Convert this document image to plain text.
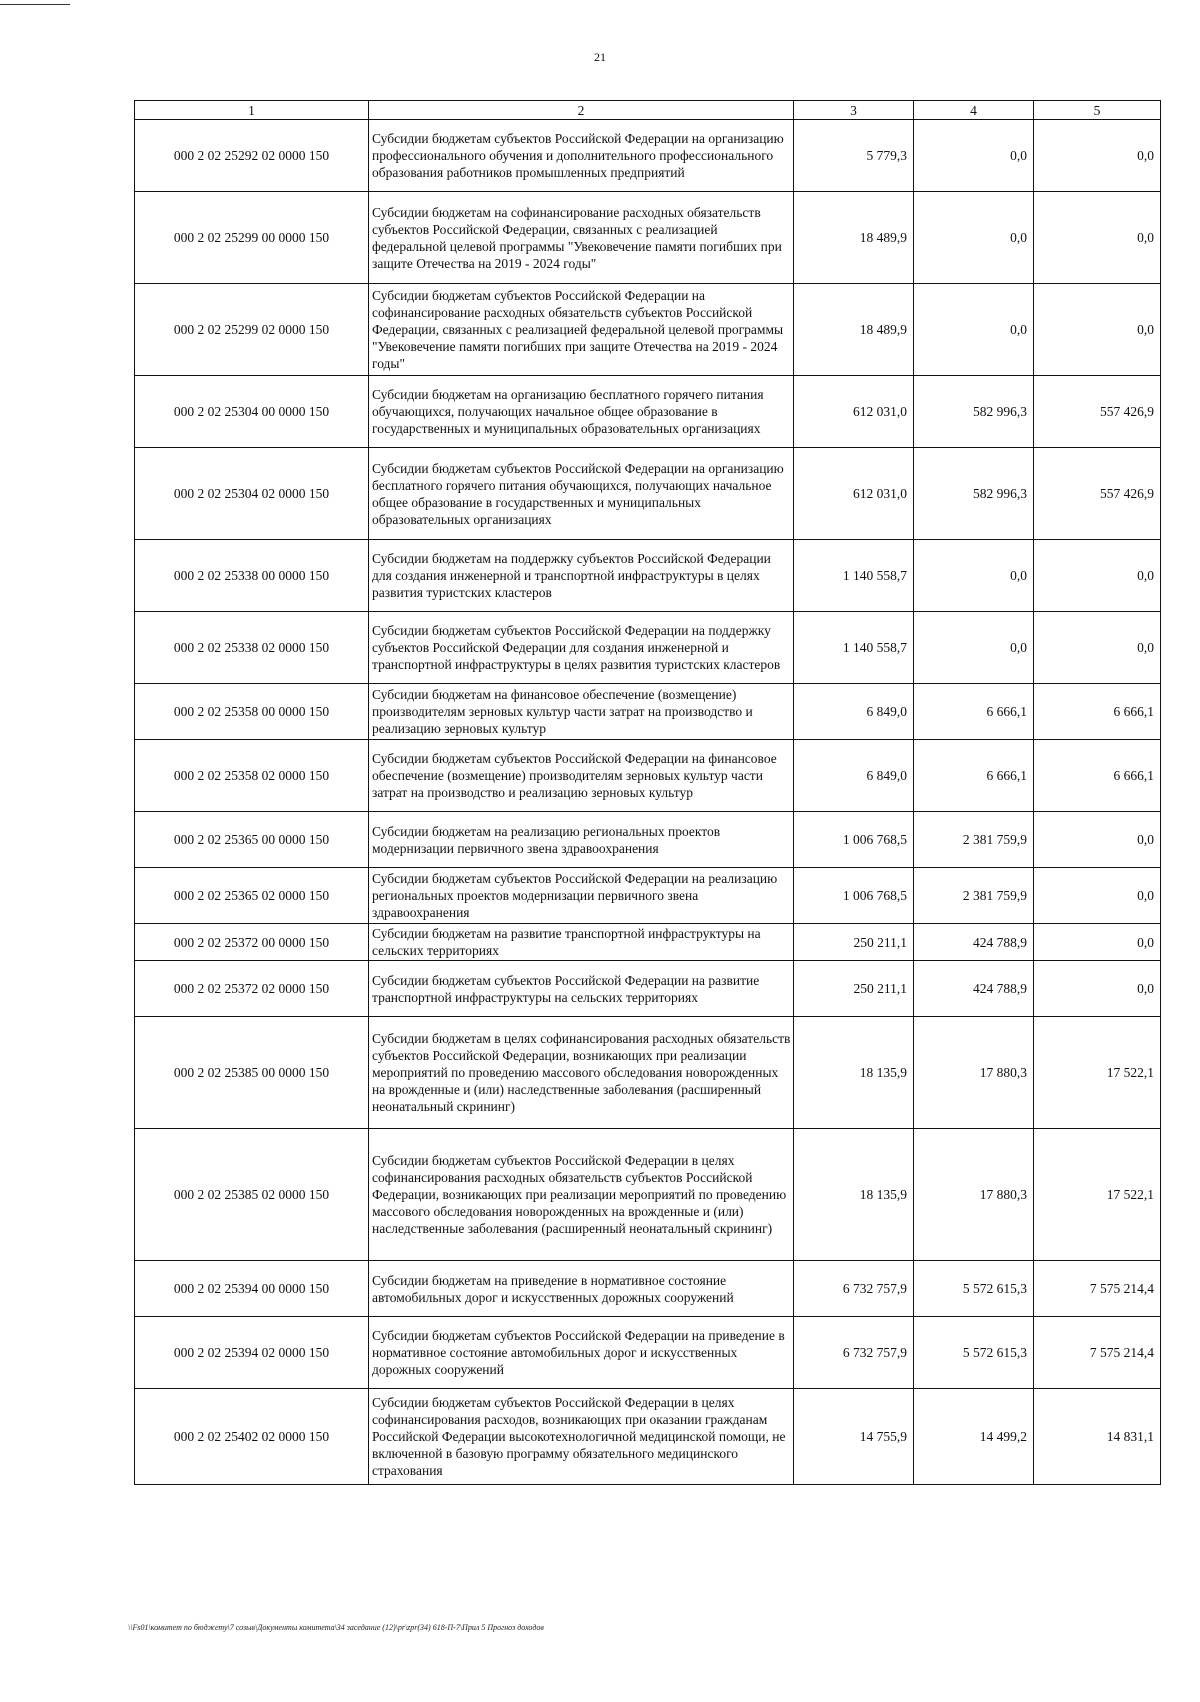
21
1	2	3	4	5
000 2 02 25292 02 0000 150	Субсидии бюджетам субъектов Российской Федерации на организацию профессионального обучения и дополнительного профессионального образования работников промышленных предприятий	5 779,3	0,0	0,0
000 2 02 25299 00 0000 150	Субсидии бюджетам на софинансирование расходных обязательств субъектов Российской Федерации, связанных с реализацией федеральной целевой программы "Увековечение памяти погибших при защите Отечества на 2019 - 2024 годы"	18 489,9	0,0	0,0
000 2 02 25299 02 0000 150	Субсидии бюджетам субъектов Российской Федерации на софинансирование расходных обязательств субъектов Российской Федерации, связанных с реализацией федеральной целевой программы "Увековечение памяти погибших при защите Отечества на 2019 - 2024 годы"	18 489,9	0,0	0,0
000 2 02 25304 00 0000 150	Субсидии бюджетам на организацию бесплатного горячего питания обучающихся, получающих начальное общее образование в государственных и муниципальных образовательных организациях	612 031,0	582 996,3	557 426,9
000 2 02 25304 02 0000 150	Субсидии бюджетам субъектов Российской Федерации на организацию бесплатного горячего питания обучающихся, получающих начальное общее образование в государственных и муниципальных образовательных организациях	612 031,0	582 996,3	557 426,9
000 2 02 25338 00 0000 150	Субсидии бюджетам на поддержку субъектов Российской Федерации для создания инженерной и транспортной инфраструктуры в целях развития туристских кластеров	1 140 558,7	0,0	0,0
000 2 02 25338 02 0000 150	Субсидии бюджетам субъектов Российской Федерации на поддержку субъектов Российской Федерации для создания инженерной и транспортной инфраструктуры в целях развития туристских кластеров	1 140 558,7	0,0	0,0
000 2 02 25358 00 0000 150	Субсидии бюджетам на финансовое обеспечение (возмещение) производителям зерновых культур части затрат на производство и реализацию зерновых культур	6 849,0	6 666,1	6 666,1
000 2 02 25358 02 0000 150	Субсидии бюджетам субъектов Российской Федерации на финансовое обеспечение (возмещение) производителям зерновых культур части затрат на производство и реализацию зерновых культур	6 849,0	6 666,1	6 666,1
000 2 02 25365 00 0000 150	Субсидии бюджетам на реализацию региональных проектов модернизации первичного звена здравоохранения	1 006 768,5	2 381 759,9	0,0
000 2 02 25365 02 0000 150	Субсидии бюджетам субъектов Российской Федерации на реализацию региональных проектов модернизации первичного звена здравоохранения	1 006 768,5	2 381 759,9	0,0
000 2 02 25372 00 0000 150	Субсидии бюджетам на развитие транспортной инфраструктуры на сельских территориях	250 211,1	424 788,9	0,0
000 2 02 25372 02 0000 150	Субсидии бюджетам субъектов Российской Федерации на развитие транспортной инфраструктуры на сельских территориях	250 211,1	424 788,9	0,0
000 2 02 25385 00 0000 150	Субсидии бюджетам в целях софинансирования расходных обязательств субъектов Российской Федерации, возникающих при реализации мероприятий по проведению массового обследования новорожденных на врожденные и (или) наследственные заболевания (расширенный неонатальный скрининг)	18 135,9	17 880,3	17 522,1
000 2 02 25385 02 0000 150	Субсидии бюджетам субъектов Российской Федерации в целях софинансирования расходных обязательств субъектов Российской Федерации, возникающих при реализации мероприятий по проведению массового обследования новорожденных на врожденные и (или) наследственные заболевания (расширенный неонатальный скрининг)	18 135,9	17 880,3	17 522,1
000 2 02 25394 00 0000 150	Субсидии бюджетам на приведение в нормативное состояние автомобильных дорог и искусственных дорожных сооружений	6 732 757,9	5 572 615,3	7 575 214,4
000 2 02 25394 02 0000 150	Субсидии бюджетам субъектов Российской Федерации на приведение в нормативное состояние автомобильных дорог и искусственных дорожных сооружений	6 732 757,9	5 572 615,3	7 575 214,4
000 2 02 25402 02 0000 150	Субсидии бюджетам субъектов Российской Федерации в целях софинансирования расходов, возникающих при оказании гражданам Российской Федерации высокотехнологичной медицинской помощи, не включенной в базовую программу обязательного медицинского страхования	14 755,9	14 499,2	14 831,1
\\Fs01\комитет по бюджету\7 созыв\Документы комитета\34 заседание (12)\pr\zpr(34) 618-П-7\Прил 5 Прогноз доходов
